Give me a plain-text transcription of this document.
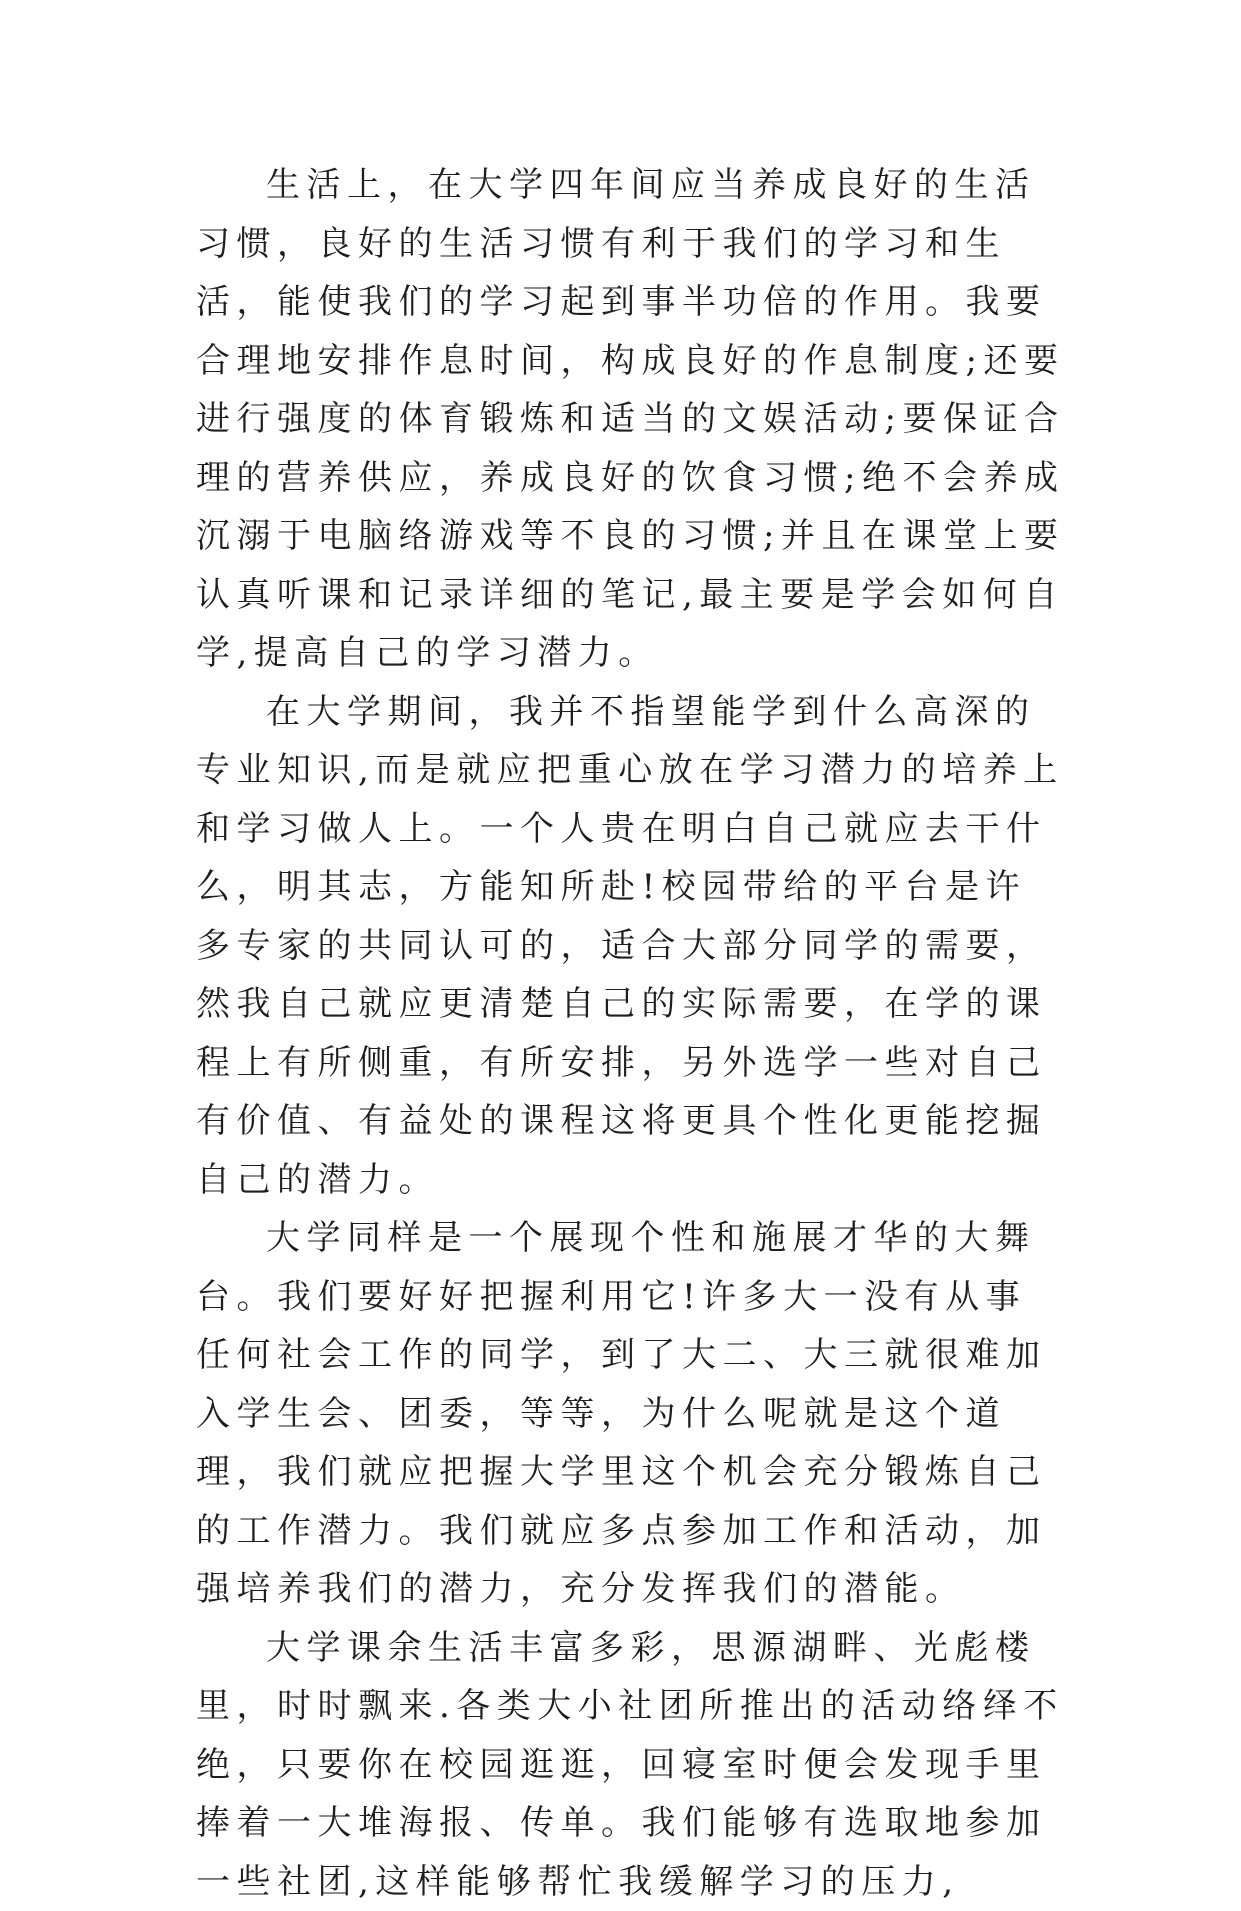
生活上，在大学四年间应当养成良好的生活习惯，良好的生活习惯有利于我们的学习和生活，能使我们的学习起到事半功倍的作用。我要合理地安排作息时间，构成良好的作息制度;还要进行强度的体育锻炼和适当的文娱活动;要保证合理的营养供应，养成良好的饮食习惯;绝不会养成沉溺于电脑络游戏等不良的习惯;并且在课堂上要认真听课和记录详细的笔记,最主要是学会如何自学,提高自己的学习潜力。

在大学期间，我并不指望能学到什么高深的专业知识,而是就应把重心放在学习潜力的培养上和学习做人上。一个人贵在明白自己就应去干什么，明其志，方能知所赴!校园带给的平台是许多专家的共同认可的，适合大部分同学的需要，然我自己就应更清楚自己的实际需要，在学的课程上有所侧重，有所安排，另外选学一些对自己有价值、有益处的课程这将更具个性化更能挖掘自己的潜力。

大学同样是一个展现个性和施展才华的大舞台。我们要好好把握利用它!许多大一没有从事任何社会工作的同学，到了大二、大三就很难加入学生会、团委，等等，为什么呢就是这个道理，我们就应把握大学里这个机会充分锻炼自己的工作潜力。我们就应多点参加工作和活动，加强培养我们的潜力，充分发挥我们的潜能。

大学课余生活丰富多彩，思源湖畔、光彪楼里，时时飘来.各类大小社团所推出的活动络绎不绝，只要你在校园逛逛，回寝室时便会发现手里捧着一大堆海报、传单。我们能够有选取地参加一些社团,这样能够帮忙我缓解学习的压力,
